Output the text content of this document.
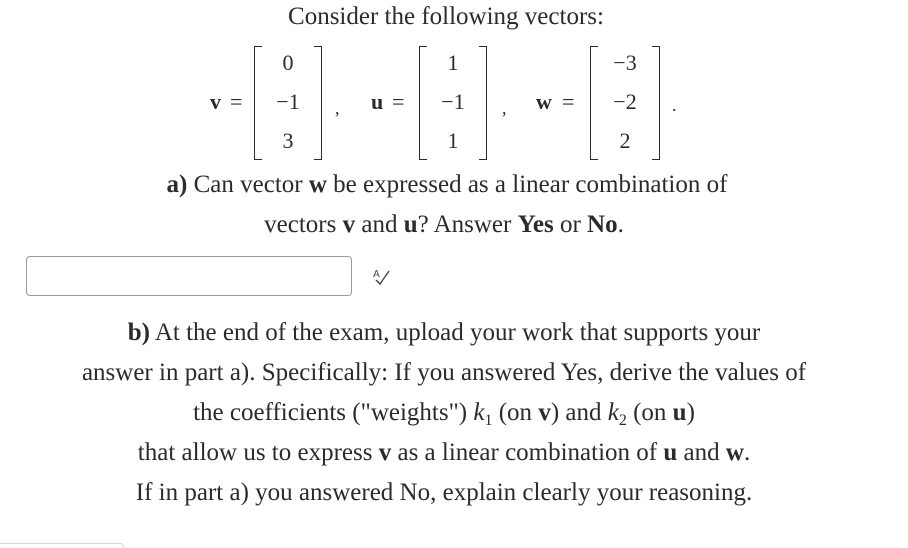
Consider the following vectors:
v =
0
−1
3
, u =
1
−1
1
, w =
−3
−2
2
.
a) Can vector w be expressed as a linear combination of
vectors v and u? Answer Yes or No.
A
b) At the end of the exam, upload your work that supports your
answer in part a). Specifically: If you answered Yes, derive the values of
the coefficients ("weights") $k_1$ (on v) and $k_2$ (on u)
that allow us to express v as a linear combination of u and w.
If in part a) you answered No, explain clearly your reasoning.
